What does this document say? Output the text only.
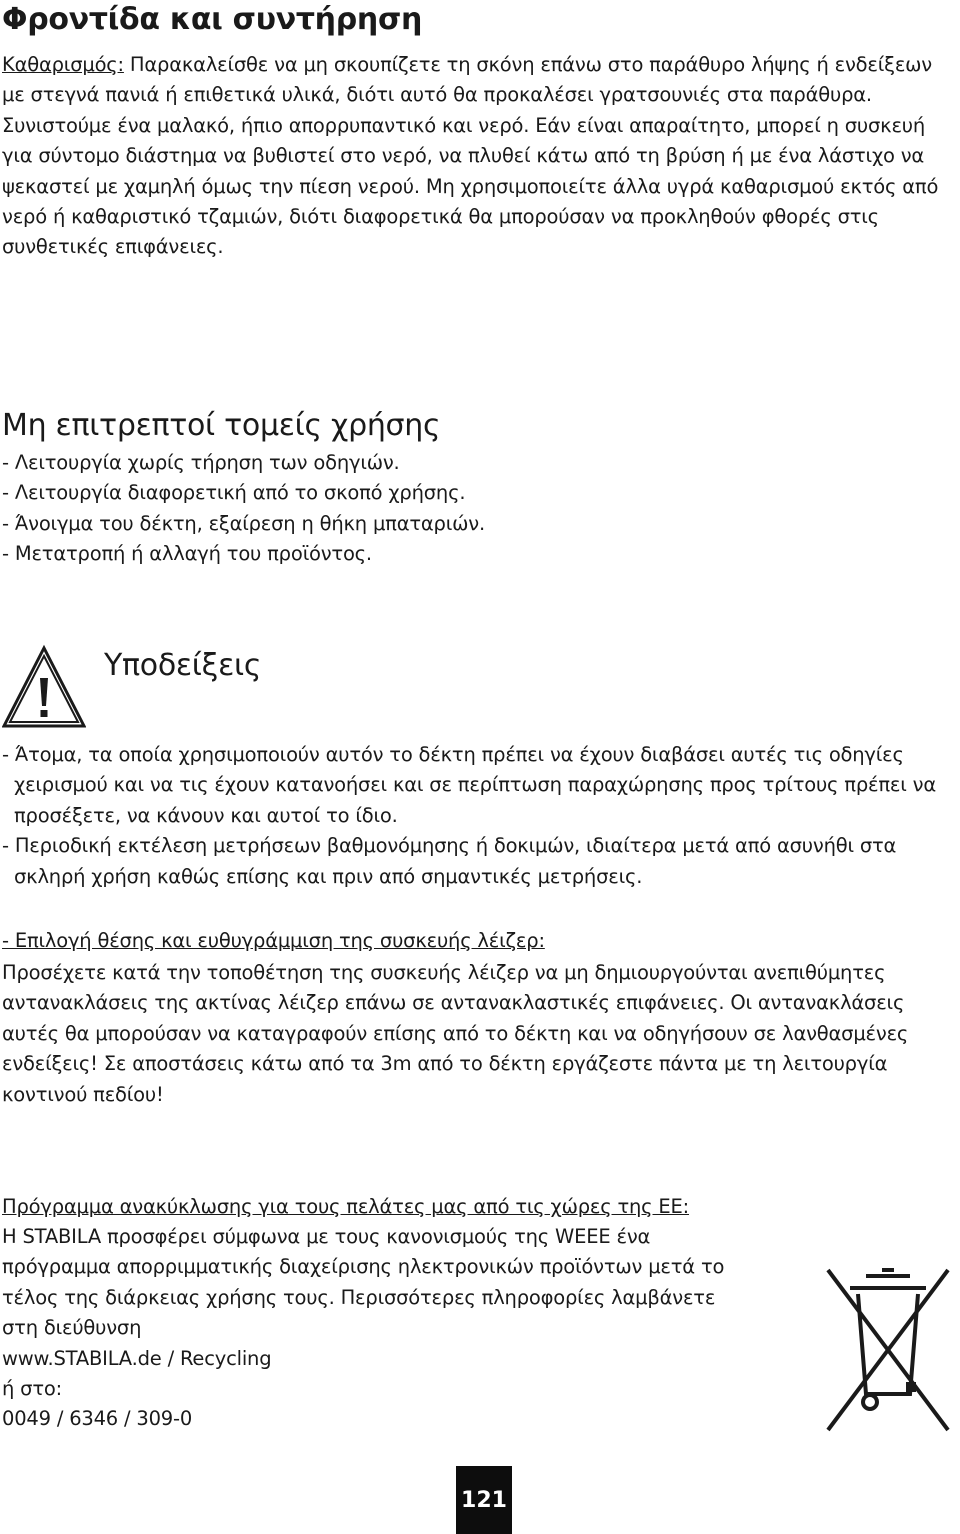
Φροντίδα και συντήρηση

Καθαρισμός: Παρακαλείσθε να μη σκουπίζετε τη σκόνη επάνω στο παράθυρο λήψης ή ενδείξεων με στεγνά πανιά ή επιθετικά υλικά, διότι αυτό θα προκαλέσει γρατσουνιές στα παράθυρα. Συνιστούμε ένα μαλακό, ήπιο απορρυπαντικό και νερό. Εάν είναι απαραίτητο, μπορεί η συσκευή για σύντομο διάστημα να βυθιστεί στο νερό, να πλυθεί κάτω από τη βρύση ή με ένα λάστιχο να ψεκαστεί με χαμηλή όμως την πίεση νερού. Μη χρησιμοποιείτε άλλα υγρά καθαρισμού εκτός από νερό ή καθαριστικό τζαμιών, διότι διαφορετικά θα μπορούσαν να προκληθούν φθορές στις συνθετικές επιφάνειες.

Μη επιτρεπτοί τομείς χρήσης
- Λειτουργία χωρίς τήρηση των οδηγιών.
- Λειτουργία διαφορετική από το σκοπό χρήσης.
- Άνοιγμα του δέκτη, εξαίρεση η θήκη μπαταριών.
- Μετατροπή ή αλλαγή του προϊόντος.
Υποδείξεις
- Άτομα, τα οποία χρησιμοποιούν αυτόν το δέκτη πρέπει να έχουν διαβάσει αυτές τις οδηγίες χειρισμού και να τις έχουν κατανοήσει και σε περίπτωση παραχώρησης προς τρίτους πρέπει να προσέξετε, να κάνουν και αυτοί το ίδιο.
- Περιοδική εκτέλεση μετρήσεων βαθμονόμησης ή δοκιμών, ιδιαίτερα μετά από ασυνήθι στα σκληρή χρήση καθώς επίσης και πριν από σημαντικές μετρήσεις.

- Επιλογή θέσης και ευθυγράμμιση της συσκευής λέιζερ:

Προσέχετε κατά την τοποθέτηση της συσκευής λέιζερ να μη δημιουργούνται ανεπιθύμητες αντανακλάσεις της ακτίνας λέιζερ επάνω σε αντανακλαστικές επιφάνειες. Οι αντανακλάσεις αυτές θα μπορούσαν να καταγραφούν επίσης από το δέκτη και να οδηγήσουν σε λανθασμένες ενδείξεις! Σε αποστάσεις κάτω από τα 3m από το δέκτη εργάζεστε πάντα με τη λειτουργία κοντινού πεδίου!

Πρόγραμμα ανακύκλωσης για τους πελάτες μας από τις χώρες της ΕΕ:

Η STABILA προσφέρει σύμφωνα με τους κανονισμούς της WEEE ένα
πρόγραμμα απορριμματικής διαχείρισης ηλεκτρονικών προϊόντων μετά το
τέλος της διάρκειας χρήσης τους. Περισσότερες πληροφορίες λαμβάνετε
στη διεύθυνση
www.STABILA.de / Recycling
ή στο:
0049 / 6346 / 309-0
121
